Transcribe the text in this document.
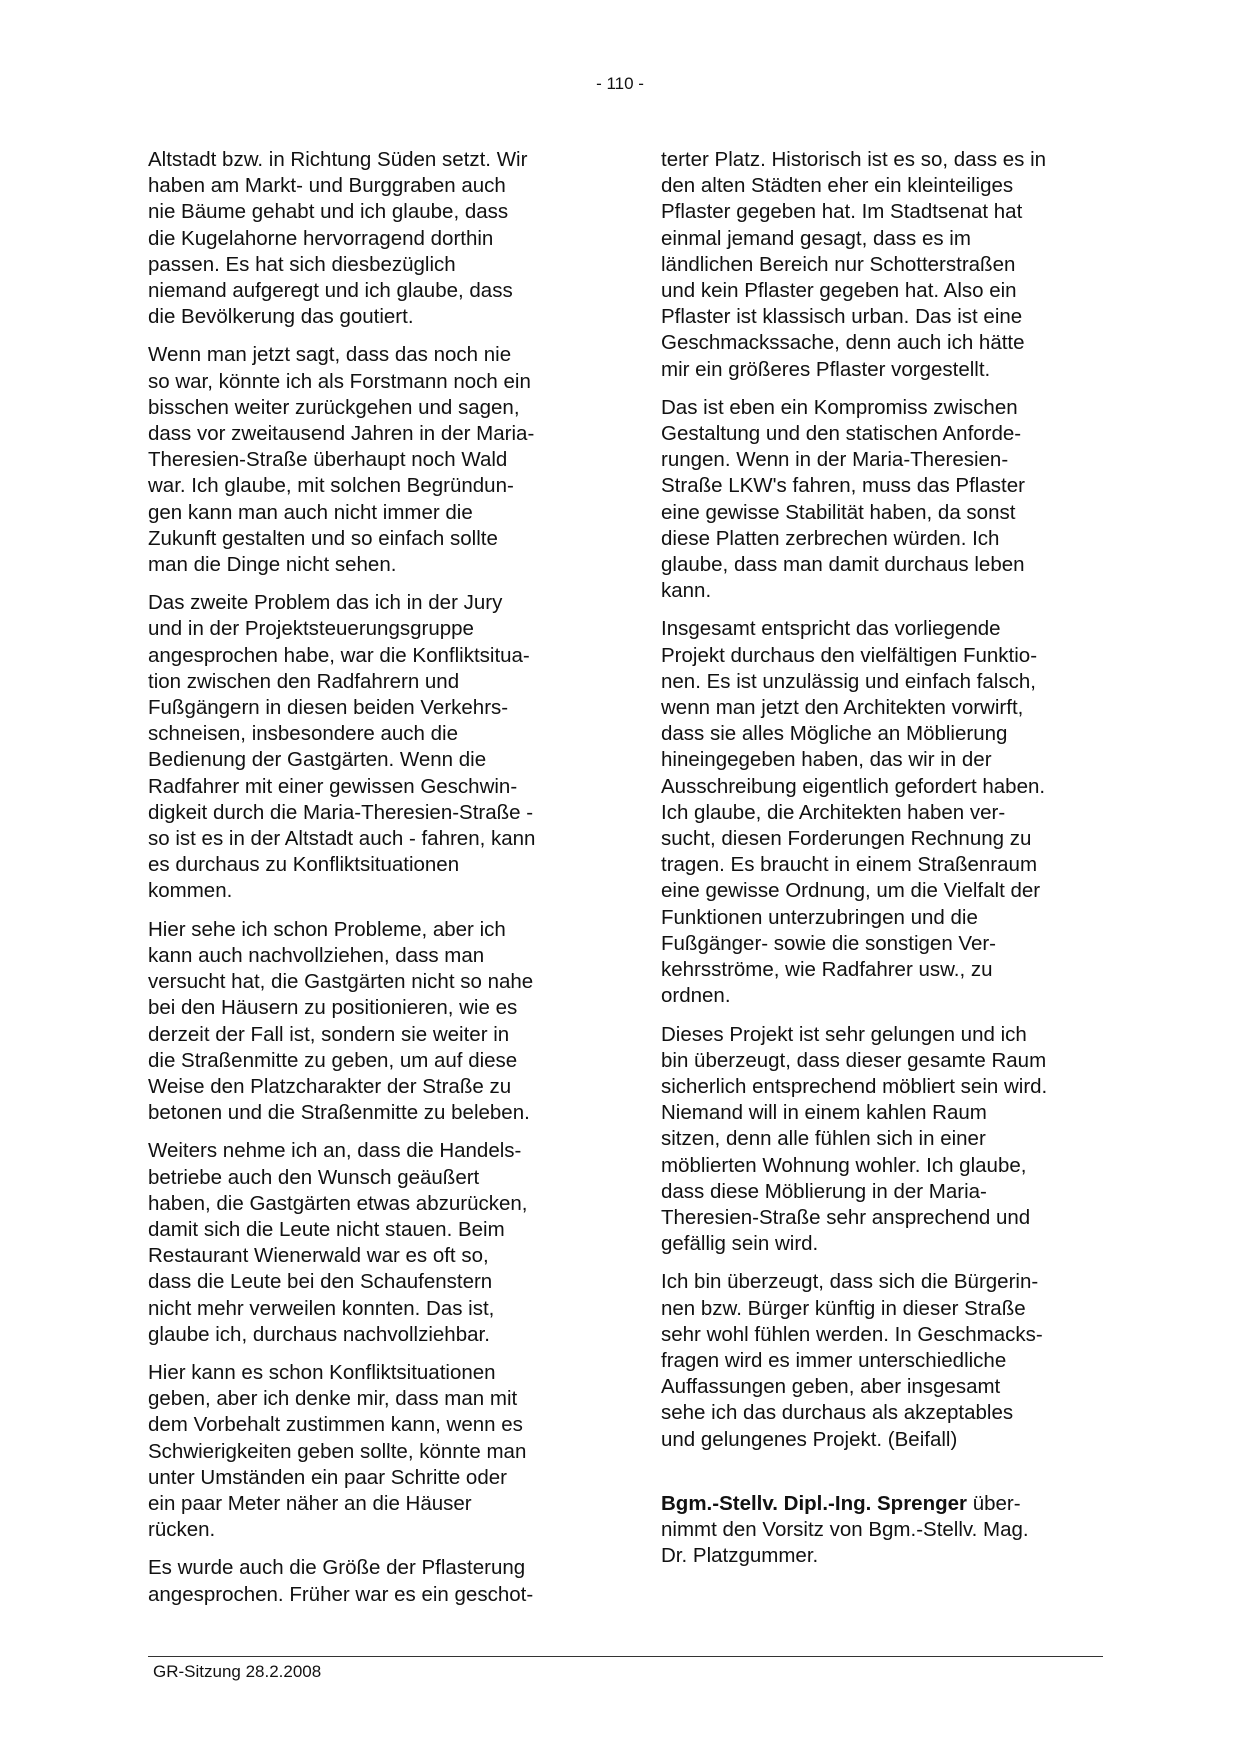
- 110 -

Altstadt bzw. in Richtung Süden setzt. Wir
haben am Markt- und Burggraben auch
nie Bäume gehabt und ich glaube, dass
die Kugelahorne hervorragend dorthin
passen. Es hat sich diesbezüglich
niemand aufgeregt und ich glaube, dass
die Bevölkerung das goutiert.

Wenn man jetzt sagt, dass das noch nie
so war, könnte ich als Forstmann noch ein
bisschen weiter zurückgehen und sagen,
dass vor zweitausend Jahren in der Maria-
Theresien-Straße überhaupt noch Wald
war. Ich glaube, mit solchen Begründun-
gen kann man auch nicht immer die
Zukunft gestalten und so einfach sollte
man die Dinge nicht sehen.

Das zweite Problem das ich in der Jury
und in der Projektsteuerungsgruppe
angesprochen habe, war die Konfliktsitua-
tion zwischen den Radfahrern und
Fußgängern in diesen beiden Verkehrs-
schneisen, insbesondere auch die
Bedienung der Gastgärten. Wenn die
Radfahrer mit einer gewissen Geschwin-
digkeit durch die Maria-Theresien-Straße -
so ist es in der Altstadt auch - fahren, kann
es durchaus zu Konfliktsituationen
kommen.

Hier sehe ich schon Probleme, aber ich
kann auch nachvollziehen, dass man
versucht hat, die Gastgärten nicht so nahe
bei den Häusern zu positionieren, wie es
derzeit der Fall ist, sondern sie weiter in
die Straßenmitte zu geben, um auf diese
Weise den Platzcharakter der Straße zu
betonen und die Straßenmitte zu beleben.

Weiters nehme ich an, dass die Handels-
betriebe auch den Wunsch geäußert
haben, die Gastgärten etwas abzurücken,
damit sich die Leute nicht stauen. Beim
Restaurant Wienerwald war es oft so,
dass die Leute bei den Schaufenstern
nicht mehr verweilen konnten. Das ist,
glaube ich, durchaus nachvollziehbar.

Hier kann es schon Konfliktsituationen
geben, aber ich denke mir, dass man mit
dem Vorbehalt zustimmen kann, wenn es
Schwierigkeiten geben sollte, könnte man
unter Umständen ein paar Schritte oder
ein paar Meter näher an die Häuser
rücken.

Es wurde auch die Größe der Pflasterung
angesprochen. Früher war es ein geschot-

terter Platz. Historisch ist es so, dass es in
den alten Städten eher ein kleinteiliges
Pflaster gegeben hat. Im Stadtsenat hat
einmal jemand gesagt, dass es im
ländlichen Bereich nur Schotterstraßen
und kein Pflaster gegeben hat. Also ein
Pflaster ist klassisch urban. Das ist eine
Geschmackssache, denn auch ich hätte
mir ein größeres Pflaster vorgestellt.

Das ist eben ein Kompromiss zwischen
Gestaltung und den statischen Anforde-
rungen. Wenn in der Maria-Theresien-
Straße LKW's fahren, muss das Pflaster
eine gewisse Stabilität haben, da sonst
diese Platten zerbrechen würden. Ich
glaube, dass man damit durchaus leben
kann.

Insgesamt entspricht das vorliegende
Projekt durchaus den vielfältigen Funktio-
nen. Es ist unzulässig und einfach falsch,
wenn man jetzt den Architekten vorwirft,
dass sie alles Mögliche an Möblierung
hineingegeben haben, das wir in der
Ausschreibung eigentlich gefordert haben.
Ich glaube, die Architekten haben ver-
sucht, diesen Forderungen Rechnung zu
tragen. Es braucht in einem Straßenraum
eine gewisse Ordnung, um die Vielfalt der
Funktionen unterzubringen und die
Fußgänger- sowie die sonstigen Ver-
kehrsströme, wie Radfahrer usw., zu
ordnen.

Dieses Projekt ist sehr gelungen und ich
bin überzeugt, dass dieser gesamte Raum
sicherlich entsprechend möbliert sein wird.
Niemand will in einem kahlen Raum
sitzen, denn alle fühlen sich in einer
möblierten Wohnung wohler. Ich glaube,
dass diese Möblierung in der Maria-
Theresien-Straße sehr ansprechend und
gefällig sein wird.

Ich bin überzeugt, dass sich die Bürgerin-
nen bzw. Bürger künftig in dieser Straße
sehr wohl fühlen werden. In Geschmacks-
fragen wird es immer unterschiedliche
Auffassungen geben, aber insgesamt
sehe ich das durchaus als akzeptables
und gelungenes Projekt. (Beifall)

Bgm.-Stellv. Dipl.-Ing. Sprenger über-
nimmt den Vorsitz von Bgm.-Stellv. Mag.
Dr. Platzgummer.

GR-Sitzung 28.2.2008
